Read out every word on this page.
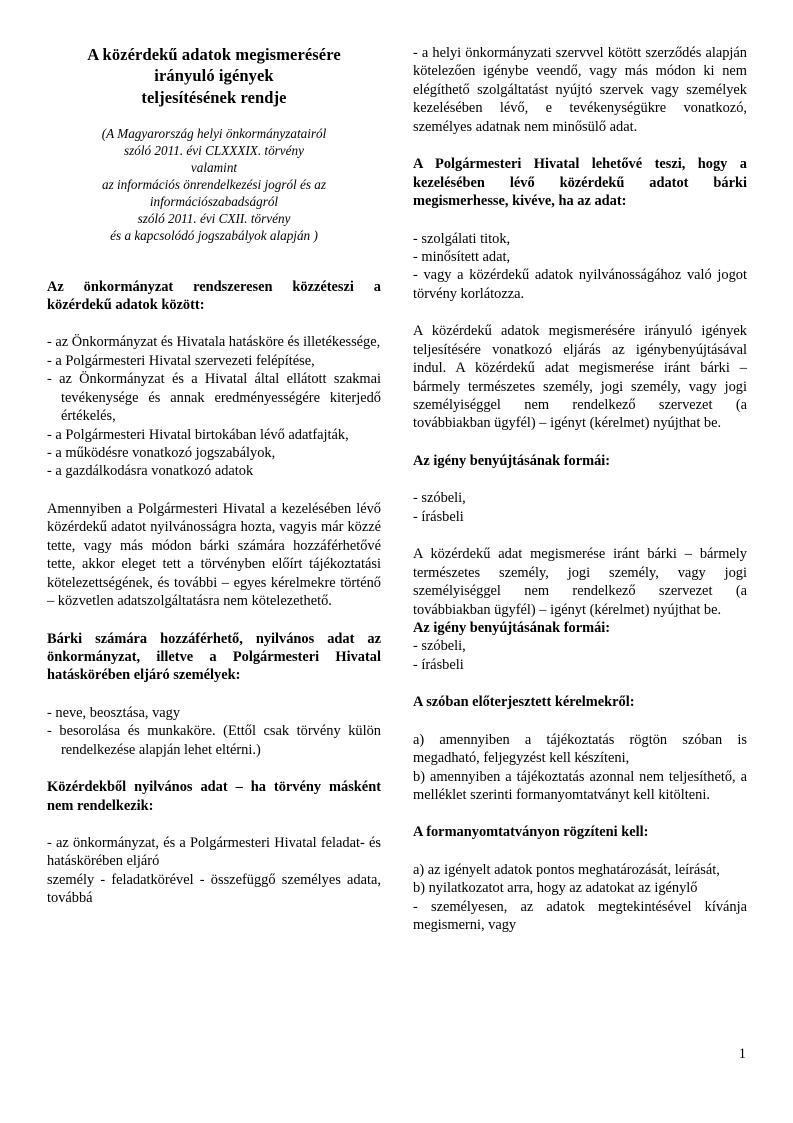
A közérdekű adatok megismerésére
irányuló igények
teljesítésének rendje
(A Magyarország helyi önkormányzatairól
szóló 2011. évi CLXXXIX. törvény
valamint
az információs önrendelkezési jogról és az
információszabadságról
szóló 2011. évi CXII. törvény
és a kapcsolódó jogszabályok alapján )

Az önkormányzat rendszeresen közzéteszi a közérdekű adatok között:

- az Önkormányzat és Hivatala hatásköre és illetékessége,

- a Polgármesteri Hivatal szervezeti felépítése,

- az Önkormányzat és a Hivatal által ellátott szakmai tevékenysége és annak eredményességére kiterjedő értékelés,

- a Polgármesteri Hivatal birtokában lévő adatfajták,

- a működésre vonatkozó jogszabályok,

- a gazdálkodásra vonatkozó adatok

Amennyiben a Polgármesteri Hivatal a kezelésében lévő közérdekű adatot nyilvánosságra hozta, vagyis már közzé tette, vagy más módon bárki számára hozzáférhetővé tette, akkor eleget tett a törvényben előírt tájékoztatási kötelezettségének, és további – egyes kérelmekre történő – közvetlen adatszolgáltatásra nem kötelezethető.

Bárki számára hozzáférhető, nyilvános adat az önkormányzat, illetve a Polgármesteri Hivatal hatáskörében eljáró személyek:

- neve, beosztása, vagy

- besorolása és munkaköre. (Ettől csak törvény külön rendelkezése alapján lehet eltérni.)

Közérdekből nyilvános adat – ha törvény másként nem rendelkezik:

- az önkormányzat, és a Polgármesteri Hivatal feladat- és hatáskörében eljáró

személy - feladatkörével - összefüggő személyes adata, továbbá

- a helyi önkormányzati szervvel kötött szerződés alapján kötelezően igénybe veendő, vagy más módon ki nem elégíthető szolgáltatást nyújtó szervek vagy személyek kezelésében lévő, e tevékenységükre vonatkozó, személyes adatnak nem minősülő adat.

A Polgármesteri Hivatal lehetővé teszi, hogy a kezelésében lévő közérdekű adatot bárki megismerhesse, kivéve, ha az adat:

- szolgálati titok,

- minősített adat,

- vagy a közérdekű adatok nyilvánosságához való jogot törvény korlátozza.

A közérdekű adatok megismerésére irányuló igények teljesítésére vonatkozó eljárás az igénybenyújtásával indul. A közérdekű adat megismerése iránt bárki – bármely természetes személy, jogi személy, vagy jogi személyiséggel nem rendelkező szervezet (a továbbiakban ügyfél) – igényt (kérelmet) nyújthat be.

Az igény benyújtásának formái:

- szóbeli,

- írásbeli

A közérdekű adat megismerése iránt bárki – bármely természetes személy, jogi személy, vagy jogi személyiséggel nem rendelkező szervezet (a továbbiakban ügyfél) – igényt (kérelmet) nyújthat be.

Az igény benyújtásának formái:

- szóbeli,

- írásbeli

A szóban előterjesztett kérelmekről:

a) amennyiben a tájékoztatás rögtön szóban is megadható, feljegyzést kell készíteni,

b) amennyiben a tájékoztatás azonnal nem teljesíthető, a melléklet szerinti formanyomtatványt kell kitölteni.

A formanyomtatványon rögzíteni kell:

a) az igényelt adatok pontos meghatározását, leírását,

b) nyilatkozatot arra, hogy az adatokat az igénylő

- személyesen, az adatok megtekintésével kívánja megismerni, vagy

1
